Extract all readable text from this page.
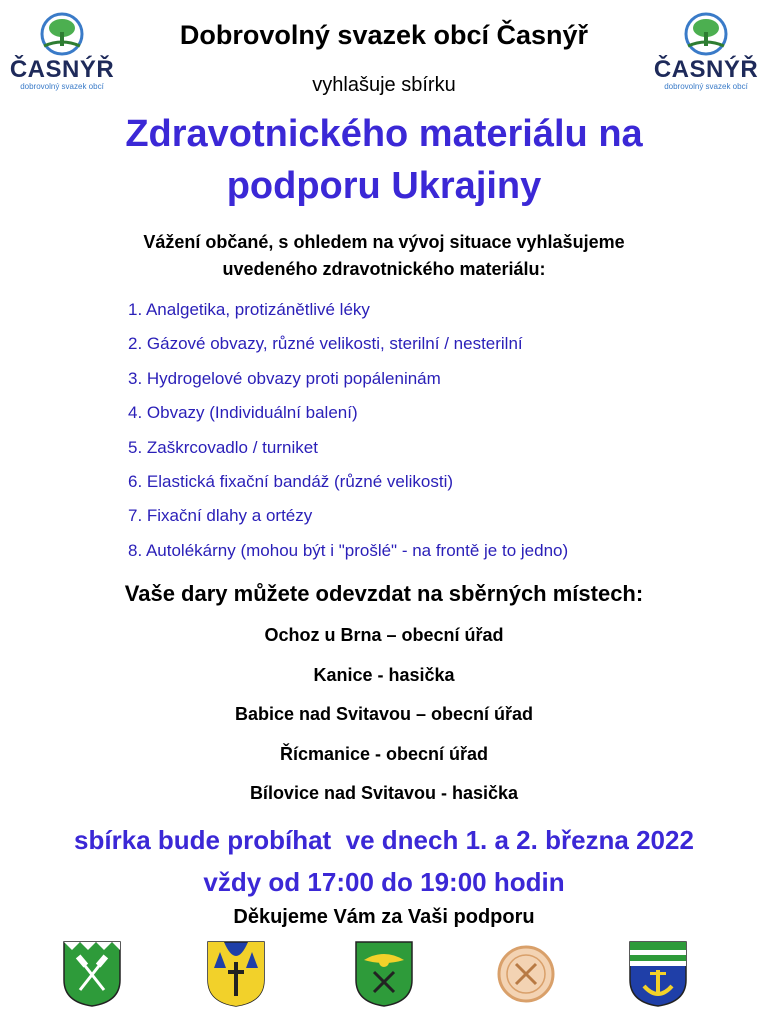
ČASNÝŘ
dobrovolný svazek obcí
ČASNÝŘ
dobrovolný svazek obcí
Dobrovolný svazek obcí Časnýř
vyhlašuje sbírku
Zdravotnického materiálu na
podporu Ukrajiny
Vážení občané, s ohledem na vývoj situace vyhlašujeme
uvedeného zdravotnického materiálu:
1. Analgetika, protizánětlivé léky
2. Gázové obvazy, různé velikosti, sterilní / nesterilní
3. Hydrogelové obvazy proti popáleninám
4. Obvazy (Individuální balení)
5. Zaškrcovadlo / turniket
6. Elastická fixační bandáž (různé velikosti)
7. Fixační dlahy a ortézy
8. Autolékárny (mohou být i "prošlé" - na frontě je to jedno)
Vaše dary můžete odevzdat na sběrných místech:
Ochoz u Brna – obecní úřad
Kanice - hasička
Babice nad Svitavou – obecní úřad
Řícmanice - obecní úřad
Bílovice nad Svitavou - hasička
sbírka bude probíhat  ve dnech 1. a 2. března 2022
vždy od 17:00 do 19:00 hodin
Děkujeme Vám za Vaši podporu
